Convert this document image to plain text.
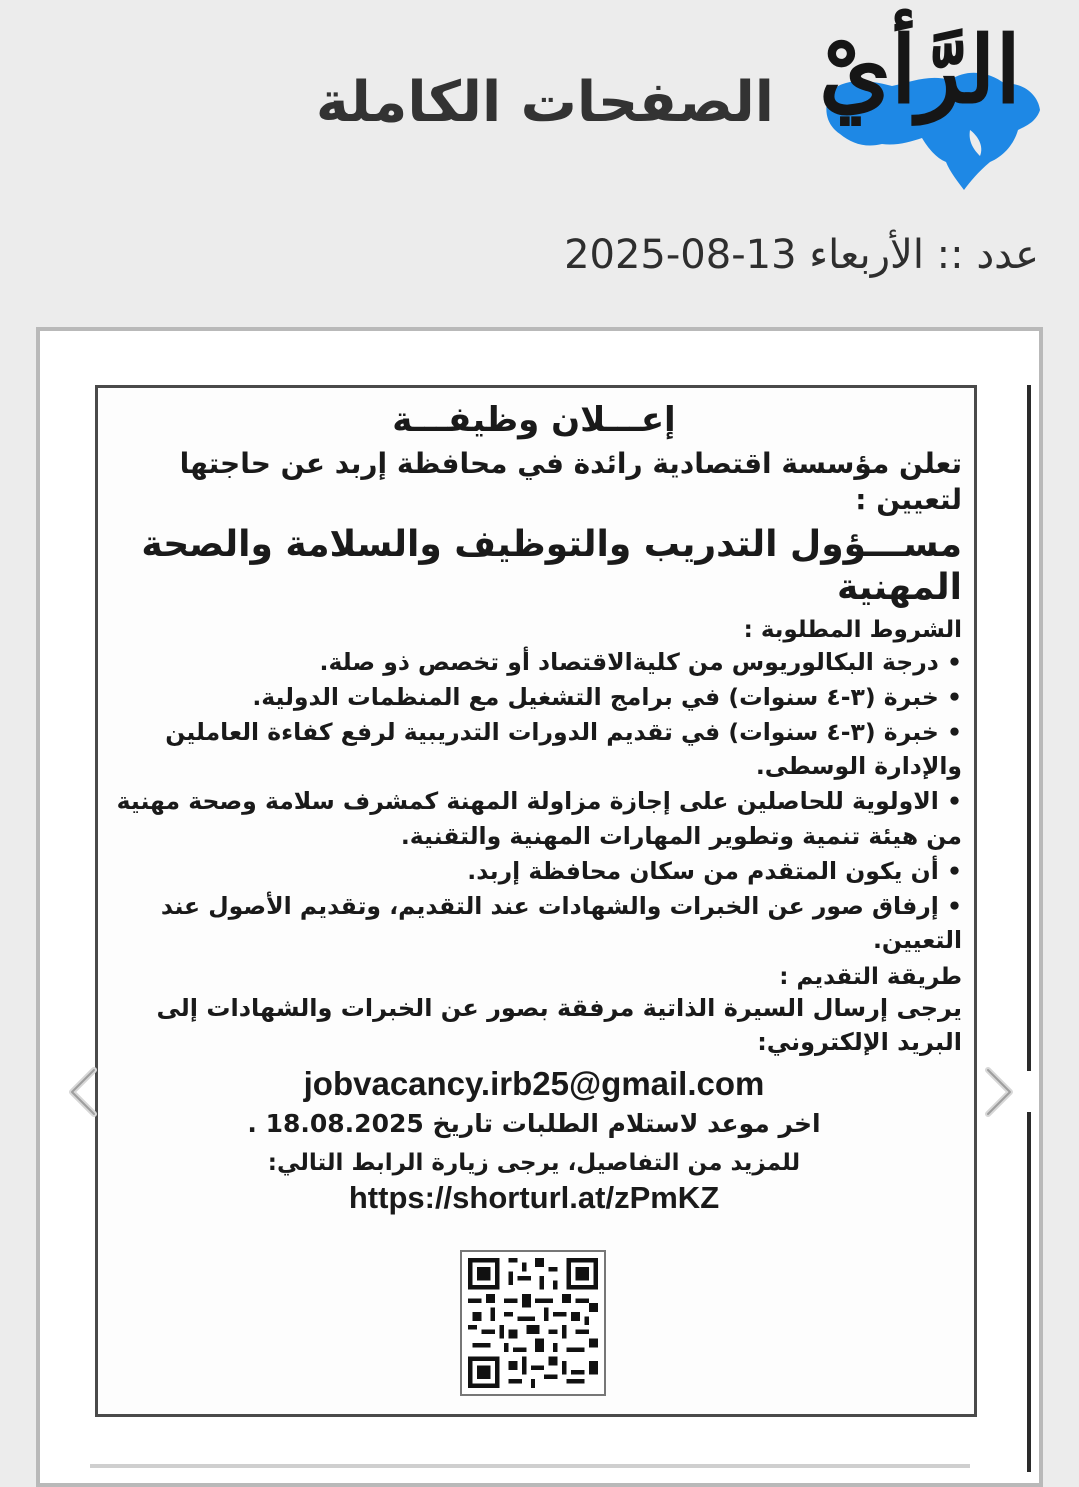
الرَّأيْ
الصفحات الكاملة
عدد :: الأربعاء 13-08-2025
إعـــلان وظيفـــة
تعلن مؤسسة اقتصادية رائدة في محافظة إربد عن حاجتها لتعيين :
مســـؤول التدريب والتوظيف والسلامة والصحة المهنية
الشروط المطلوبة :
• درجة البكالوريوس من كليةالاقتصاد أو تخصص ذو صلة.
• خبرة (٣-٤ سنوات) في برامج التشغيل مع المنظمات الدولية.
• خبرة (٣-٤ سنوات) في تقديم الدورات التدريبية لرفع كفاءة العاملين والإدارة الوسطى.
• الاولوية للحاصلين على إجازة مزاولة المهنة كمشرف سلامة وصحة مهنية من هيئة تنمية وتطوير المهارات المهنية والتقنية.
• أن يكون المتقدم من سكان محافظة إربد.
• إرفاق صور عن الخبرات والشهادات عند التقديم، وتقديم الأصول عند التعيين.
طريقة التقديم :
يرجى إرسال السيرة الذاتية مرفقة بصور عن الخبرات والشهادات إلى البريد الإلكتروني:
jobvacancy.irb25@gmail.com
اخر موعد لاستلام الطلبات تاريخ 18.08.2025 .
للمزيد من التفاصيل، يرجى زيارة الرابط التالي:
https://shorturl.at/zPmKZ
